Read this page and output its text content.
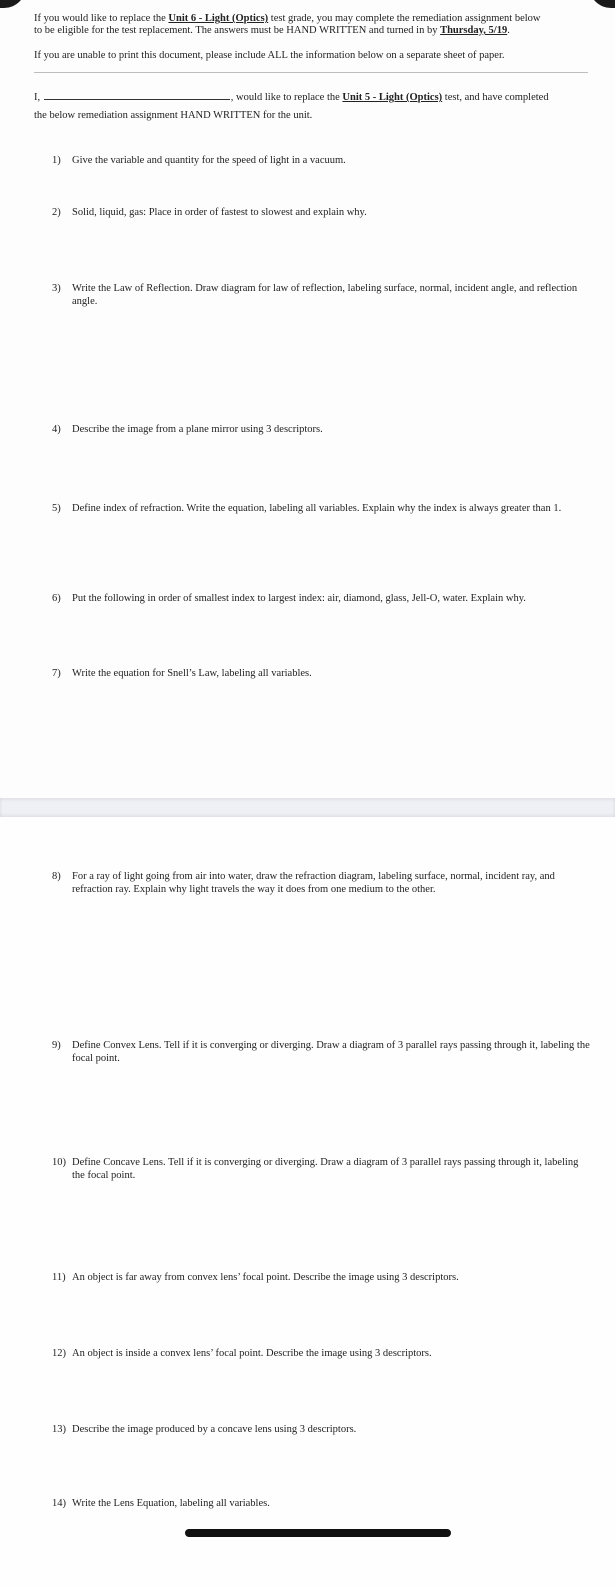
If you would like to replace the Unit 6 - Light (Optics) test grade, you may complete the remediation assignment below
to be eligible for the test replacement. The answers must be HAND WRITTEN and turned in by Thursday, 5/19.
If you are unable to print this document, please include ALL the information below on a separate sheet of paper.
I,	, would like to replace the Unit 5 - Light (Optics) test, and have completed
the below remediation assignment HAND WRITTEN for the unit.
1)	Give the variable and quantity for the speed of light in a vacuum.
2)	Solid, liquid, gas: Place in order of fastest to slowest and explain why.
3)	Write the Law of Reflection. Draw diagram for law of reflection, labeling surface, normal, incident angle, and reflection angle.
4)	Describe the image from a plane mirror using 3 descriptors.
5)	Define index of refraction. Write the equation, labeling all variables. Explain why the index is always greater than 1.
6)	Put the following in order of smallest index to largest index: air, diamond, glass, Jell-O, water. Explain why.
7)	Write the equation for Snell’s Law, labeling all variables.
8)	For a ray of light going from air into water, draw the refraction diagram, labeling surface, normal, incident ray, and refraction ray. Explain why light travels the way it does from one medium to the other.
9)	Define Convex Lens. Tell if it is converging or diverging. Draw a diagram of 3 parallel rays passing through it, labeling the focal point.
10) Define Concave Lens. Tell if it is converging or diverging. Draw a diagram of 3 parallel rays passing through it, labeling the focal point.
11) An object is far away from convex lens’ focal point. Describe the image using 3 descriptors.
12) An object is inside a convex lens’ focal point. Describe the image using 3 descriptors.
13) Describe the image produced by a concave lens using 3 descriptors.
14) Write the Lens Equation, labeling all variables.
